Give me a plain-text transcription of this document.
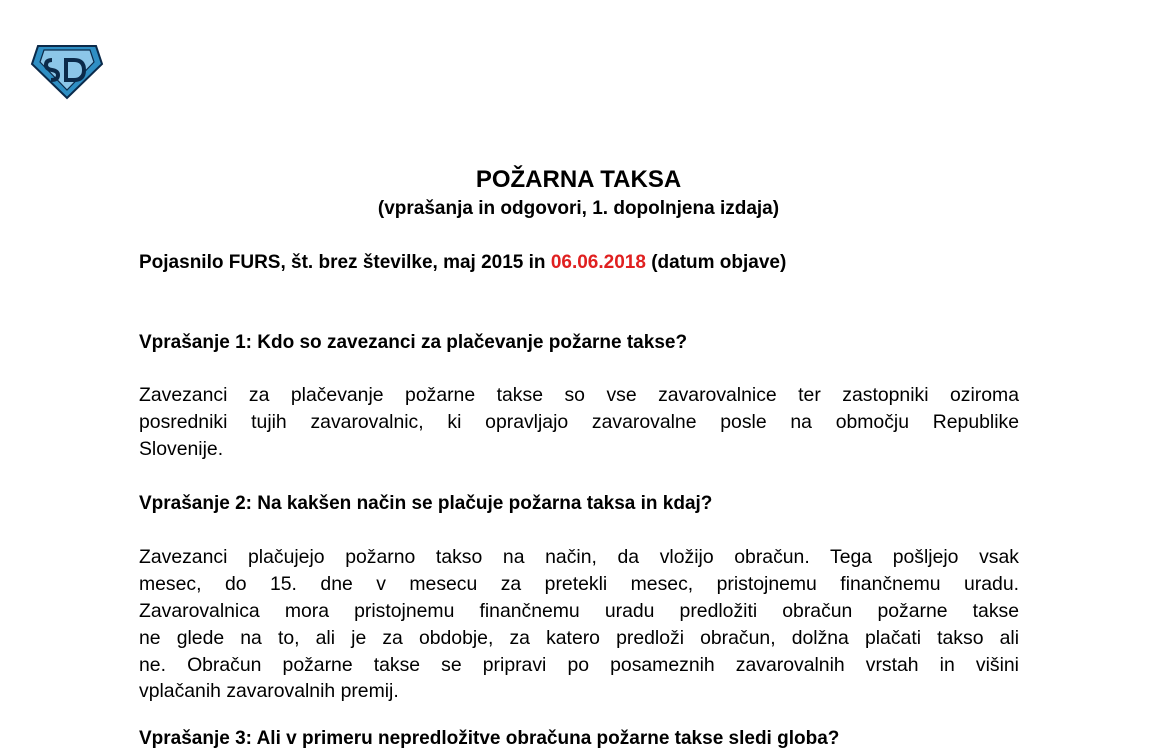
POŽARNA TAKSA
(vprašanja in odgovori, 1. dopolnjena izdaja)
Pojasnilo FURS, št. brez številke, maj 2015 in 06.06.2018 (datum objave)
Vprašanje 1: Kdo so zavezanci za plačevanje požarne takse?
Zavezanci za plačevanje požarne takse so vse zavarovalnice ter zastopniki oziroma
posredniki tujih zavarovalnic, ki opravljajo zavarovalne posle na območju Republike
Slovenije.
Vprašanje 2: Na kakšen način se plačuje požarna taksa in kdaj?
Zavezanci plačujejo požarno takso na način, da vložijo obračun. Tega pošljejo vsak
mesec, do 15. dne v mesecu za pretekli mesec, pristojnemu finančnemu uradu.
Zavarovalnica mora pristojnemu finančnemu uradu predložiti obračun požarne takse
ne glede na to, ali je za obdobje, za katero predloži obračun, dolžna plačati takso ali
ne. Obračun požarne takse se pripravi po posameznih zavarovalnih vrstah in višini
vplačanih zavarovalnih premij.
Vprašanje 3: Ali v primeru nepredložitve obračuna požarne takse sledi globa?
